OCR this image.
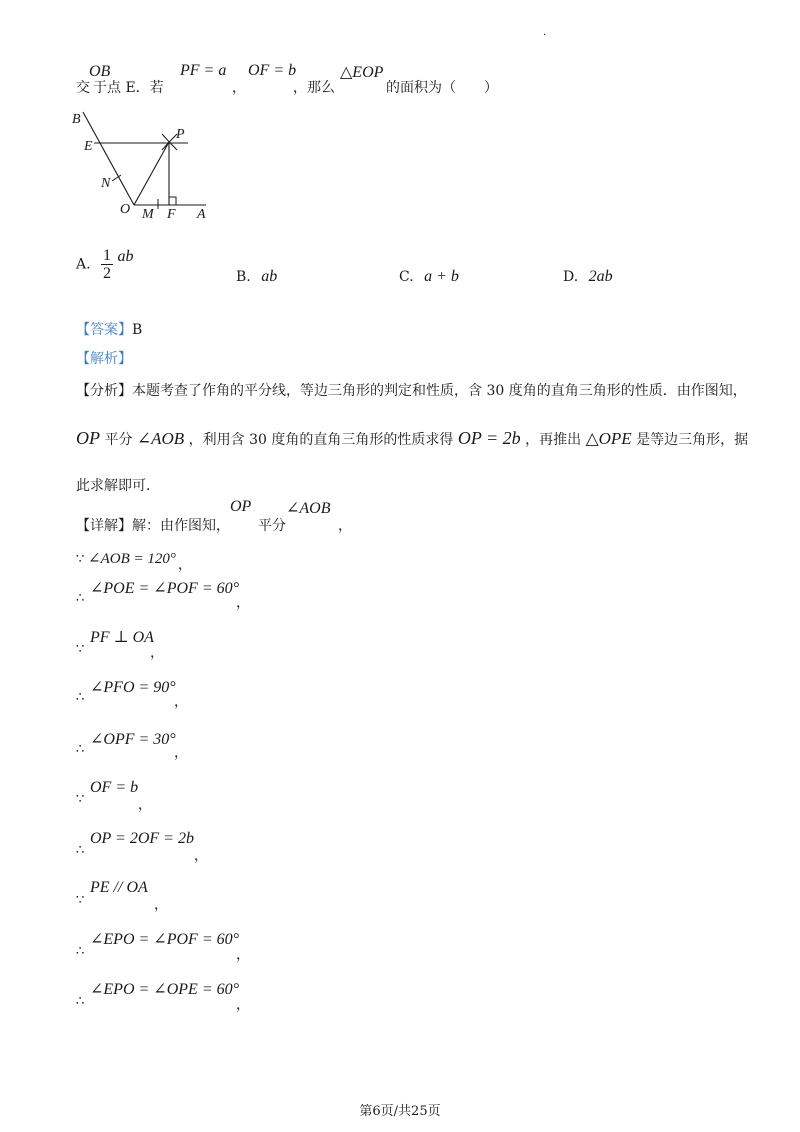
·
交
OB
于点 E．若
PF = a
，
OF = b
，那么
△EOP
的面积为（　　）
B
E
N
O M F A
P
A. $\frac{1}{2}$ ab
B. ab	C. a + b	D. 2ab
【答案】B
【解析】
【分析】本题考查了作角的平分线，等边三角形的判定和性质，含 30 度角的直角三角形的性质．由作图知，
OP 平分 ∠AOB ，利用含 30 度角的直角三角形的性质求得 OP = 2b ，再推出 △OPE 是等边三角形，据
此求解即可．
【详解】 解：由作图知，
OP
平分
∠AOB
，
∵ ∠AOB = 120° ，
∴
∠POE = ∠POF = 60°
，
∵
PF ⊥ OA
，
∴
∠PFO = 90°
，
∴
∠OPF = 30°
，
∵
OF = b
，
∴
OP = 2OF = 2b
，
∵
PE // OA
，
∴
∠EPO = ∠POF = 60°
，
∴
∠EPO = ∠OPE = 60°
，
第6页/共25页
